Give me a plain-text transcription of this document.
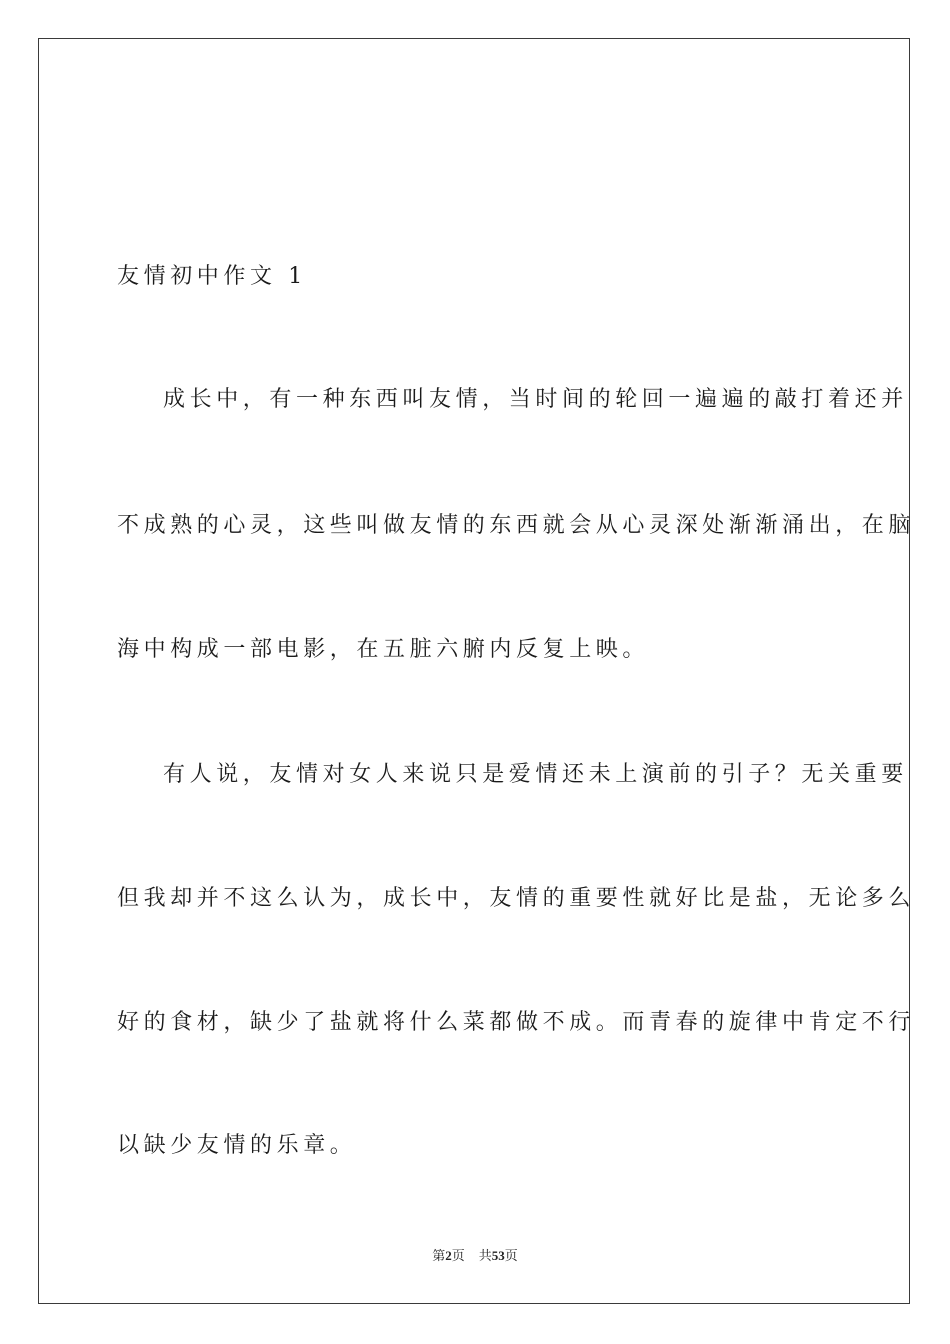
友情初中作文 1
成长中，有一种东西叫友情，当时间的轮回一遍遍的敲打着还并
不成熟的心灵，这些叫做友情的东西就会从心灵深处渐渐涌出，在脑
海中构成一部电影，在五脏六腑内反复上映。
有人说，友情对女人来说只是爱情还未上演前的引子？无关重要
但我却并不这么认为，成长中，友情的重要性就好比是盐，无论多么
好的食材，缺少了盐就将什么菜都做不成。而青春的旋律中肯定不行
以缺少友情的乐章。
第2页 共53页
